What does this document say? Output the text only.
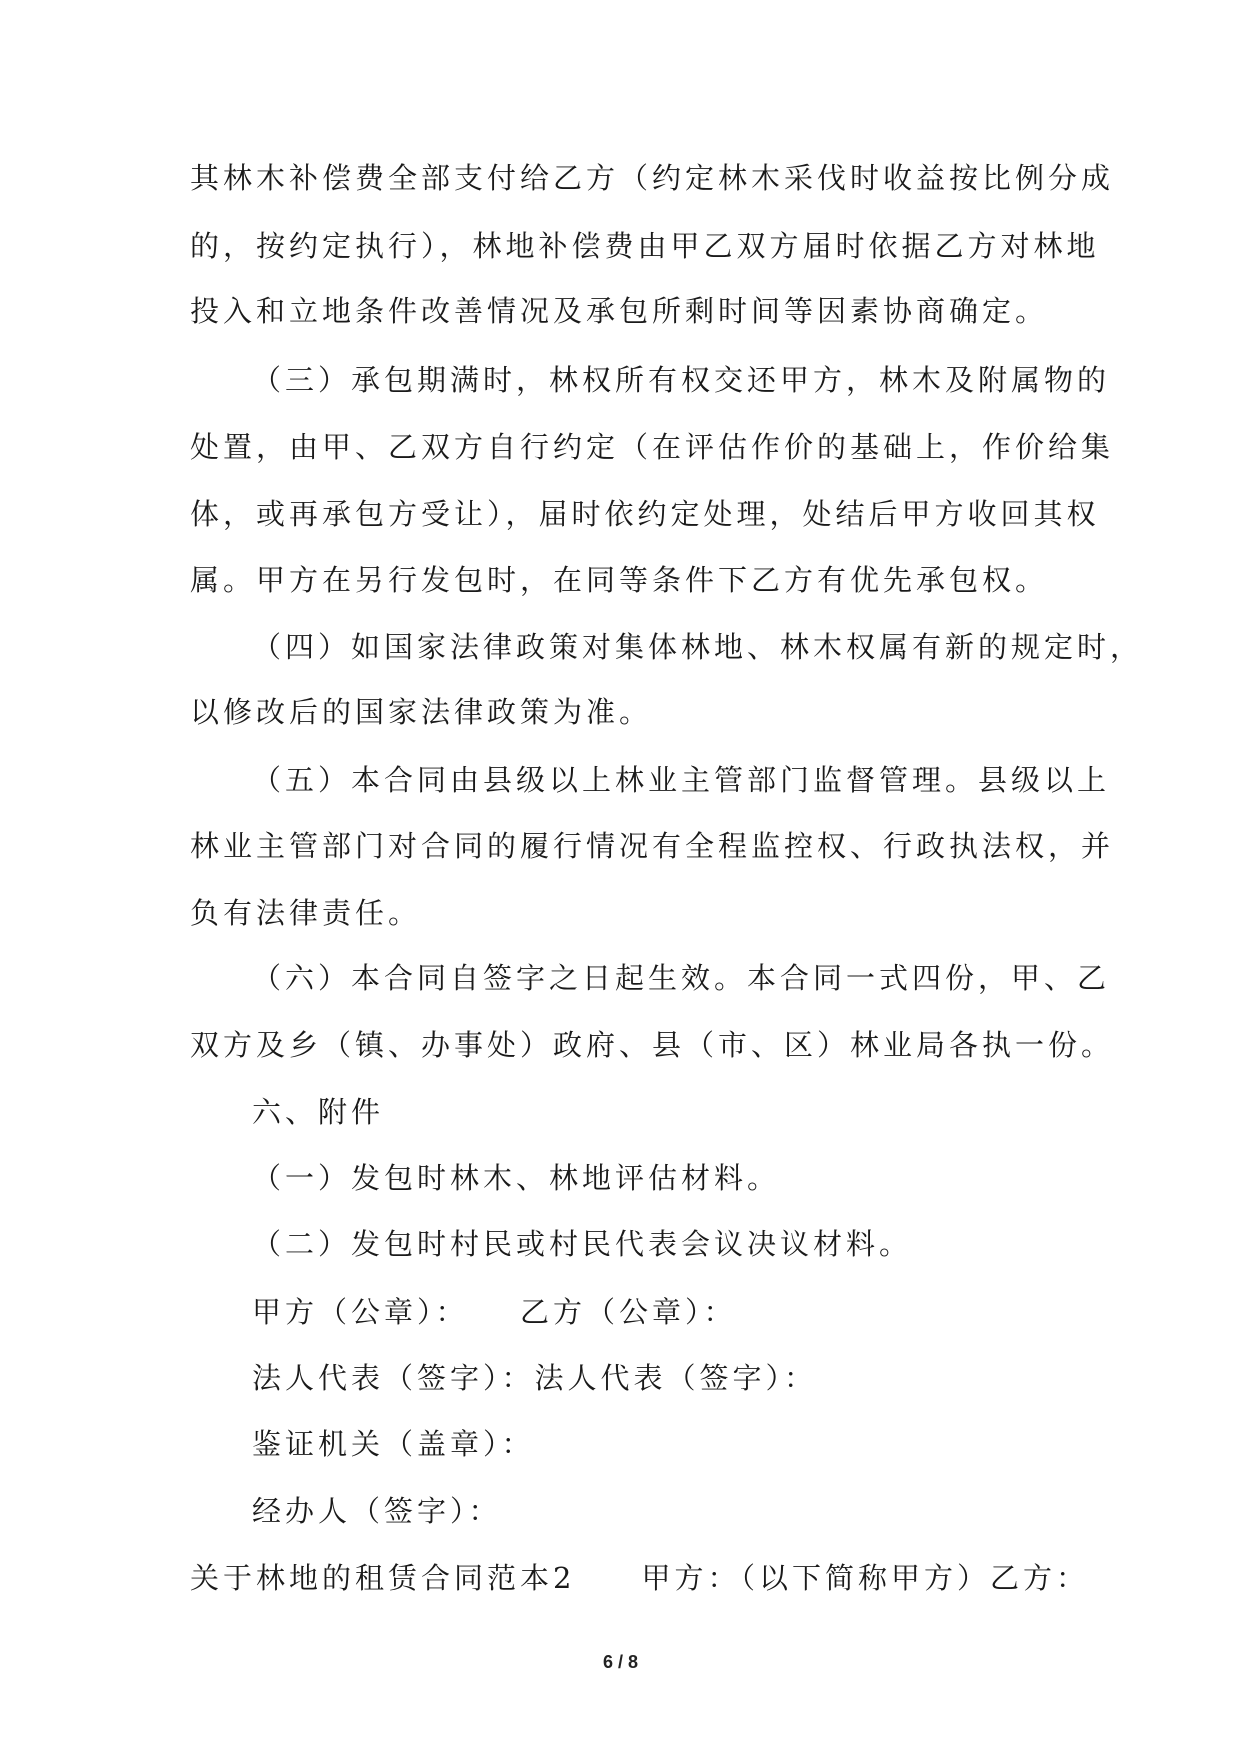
其林木补偿费全部支付给乙方（约定林木采伐时收益按比例分成
的，按约定执行），林地补偿费由甲乙双方届时依据乙方对林地
投入和立地条件改善情况及承包所剩时间等因素协商确定。
（三）承包期满时，林权所有权交还甲方，林木及附属物的
处置，由甲、乙双方自行约定（在评估作价的基础上，作价给集
体，或再承包方受让），届时依约定处理，处结后甲方收回其权
属。甲方在另行发包时，在同等条件下乙方有优先承包权。
（四）如国家法律政策对集体林地、林木权属有新的规定时，
以修改后的国家法律政策为准。
（五）本合同由县级以上林业主管部门监督管理。县级以上
林业主管部门对合同的履行情况有全程监控权、行政执法权，并
负有法律责任。
（六）本合同自签字之日起生效。本合同一式四份，甲、乙
双方及乡（镇、办事处）政府、县（市、区）林业局各执一份。
六、附件
（一）发包时林木、林地评估材料。
（二）发包时村民或村民代表会议决议材料。
甲方（公章）：　　乙方（公章）：
法人代表（签字）：法人代表（签字）：
鉴证机关（盖章）：
经办人（签字）：
关于林地的租赁合同范本2　　甲方：（以下简称甲方）乙方：
6 / 8
